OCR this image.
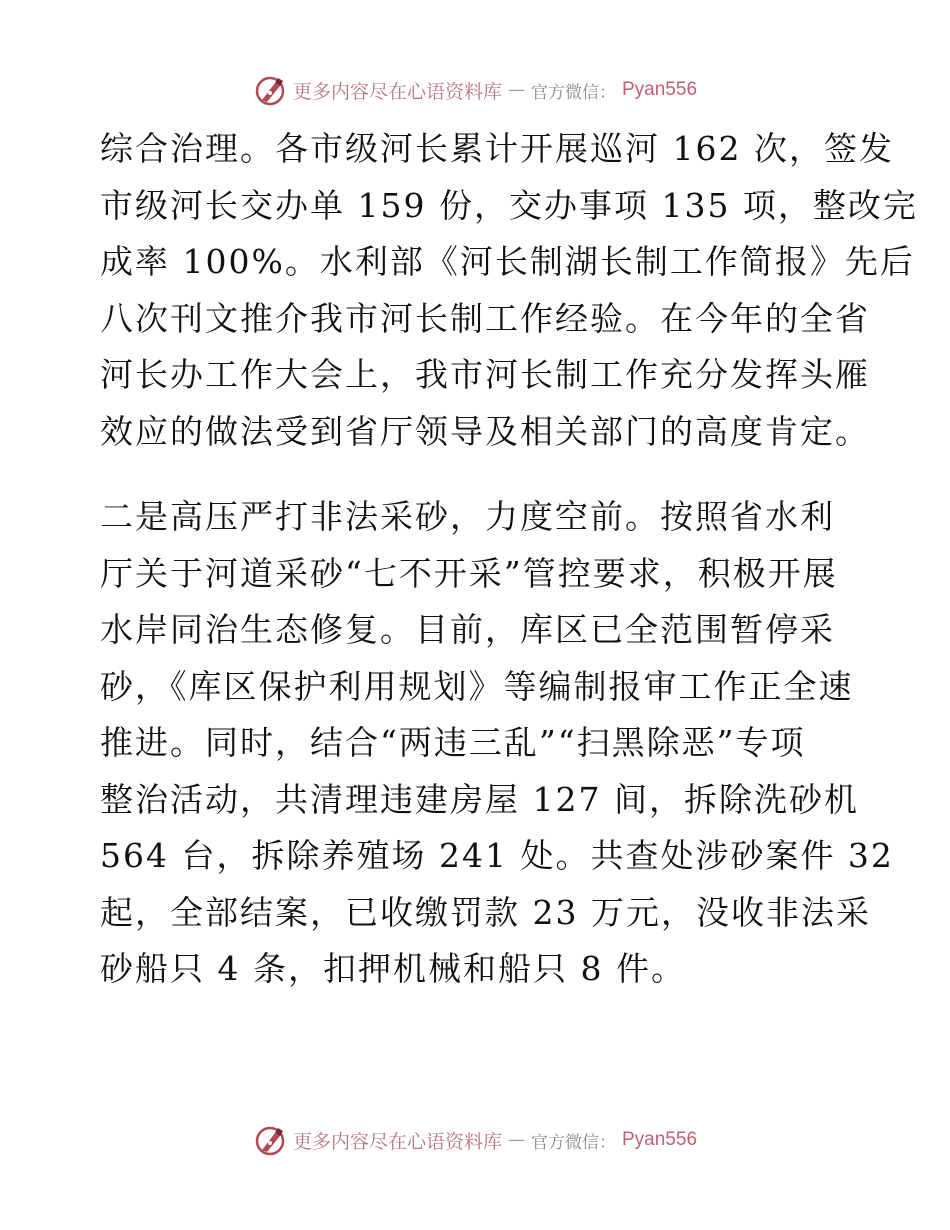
更多内容尽在心语资料库 — 官方微信： Pyan556
综合治理。各市级河长累计开展巡河 162 次，签发
市级河长交办单 159 份，交办事项 135 项，整改完
成率 100%。水利部《河长制湖长制工作简报》先后
八次刊文推介我市河长制工作经验。在今年的全省
河长办工作大会上，我市河长制工作充分发挥头雁
效应的做法受到省厅领导及相关部门的高度肯定。
二是高压严打非法采砂，力度空前。按照省水利
厅关于河道采砂“七不开采”管控要求，积极开展
水岸同治生态修复。目前，库区已全范围暂停采
砂，《库区保护利用规划》等编制报审工作正全速
推进。同时，结合“两违三乱”“扫黑除恶”专项
整治活动，共清理违建房屋 127 间，拆除洗砂机
564 台，拆除养殖场 241 处。共查处涉砂案件 32
起，全部结案，已收缴罚款 23 万元，没收非法采
砂船只 4 条，扣押机械和船只 8 件。
更多内容尽在心语资料库 — 官方微信： Pyan556
